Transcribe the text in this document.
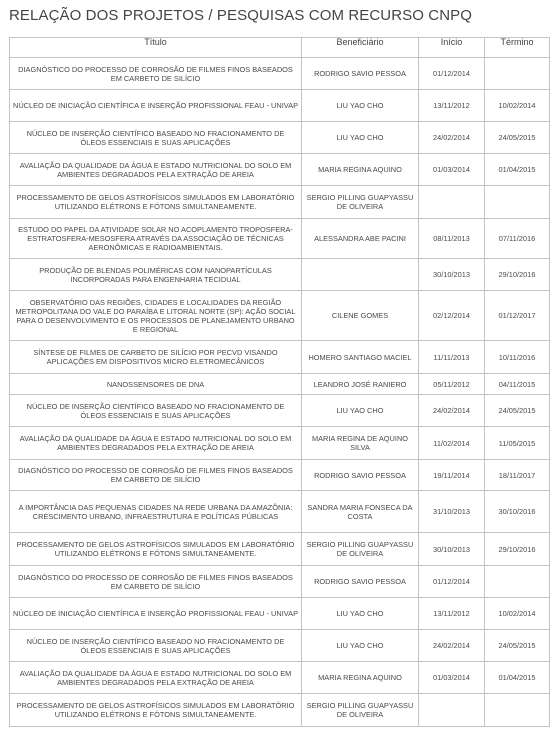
RELAÇÃO DOS PROJETOS / PESQUISAS COM RECURSO CNPQ
Título	Beneficiário	Início	Término
DIAGNÓSTICO DO PROCESSO DE CORROSÃO DE FILMES FINOS BASEADOS EM CARBETO DE SILÍCIO	RODRIGO SAVIO PESSOA	01/12/2014	
NÚCLEO DE INICIAÇÃO CIENTÍFICA E INSERÇÃO PROFISSIONAL FEAU - UNIVAP	LIU YAO CHO	13/11/2012	10/02/2014
NÚCLEO DE INSERÇÃO CIENTÍFICO BASEADO NO FRACIONAMENTO DE ÓLEOS ESSENCIAIS E SUAS APLICAÇÕES	LIU YAO CHO	24/02/2014	24/05/2015
AVALIAÇÃO DA QUALIDADE DA ÁGUA E ESTADO NUTRICIONAL DO SOLO EM AMBIENTES DEGRADADOS PELA EXTRAÇÃO DE AREIA	MARIA REGINA AQUINO	01/03/2014	01/04/2015
PROCESSAMENTO DE GELOS ASTROFÍSICOS SIMULADOS EM LABORATÓRIO UTILIZANDO ELÉTRONS E FÓTONS SIMULTANEAMENTE.	SERGIO PILLING GUAPYASSU DE OLIVEIRA		
ESTUDO DO PAPEL DA ATIVIDADE SOLAR NO ACOPLAMENTO TROPOSFERA-ESTRATOSFERA-MESOSFERA ATRAVÉS DA ASSOCIAÇÃO DE TÉCNICAS AERONÔMICAS E RADIOAMBIENTAIS.	ALESSANDRA ABE PACINI	08/11/2013	07/11/2016
PRODUÇÃO DE BLENDAS POLIMÉRICAS COM NANOPARTÍCULAS INCORPORADAS PARA ENGENHARIA TECIDUAL		30/10/2013	29/10/2016
OBSERVATÓRIO DAS REGIÕES, CIDADES E LOCALIDADES DA REGIÃO METROPOLITANA DO VALE DO PARAÍBA E LITORAL NORTE (SP): AÇÃO SOCIAL PARA O DESENVOLVIMENTO E OS PROCESSOS DE PLANEJAMENTO URBANO E REGIONAL	CILENE GOMES	02/12/2014	01/12/2017
SÍNTESE DE FILMES DE CARBETO DE SILÍCIO POR PECVD VISANDO APLICAÇÕES EM DISPOSITIVOS MICRO ELETROMECÂNICOS	HOMERO SANTIAGO MACIEL	11/11/2013	10/11/2016
NANOSSENSORES DE DNA	LEANDRO JOSÉ RANIERO	05/11/2012	04/11/2015
NÚCLEO DE INSERÇÃO CIENTÍFICO BASEADO NO FRACIONAMENTO DE ÓLEOS ESSENCIAIS E SUAS APLICAÇÕES	LIU YAO CHO	24/02/2014	24/05/2015
AVALIAÇÃO DA QUALIDADE DA ÁGUA E ESTADO NUTRICIONAL DO SOLO EM AMBIENTES DEGRADADOS PELA EXTRAÇÃO DE AREIA	MARIA REGINA DE AQUINO SILVA	11/02/2014	11/05/2015
DIAGNÓSTICO DO PROCESSO DE CORROSÃO DE FILMES FINOS BASEADOS EM CARBETO DE SILÍCIO	RODRIGO SAVIO PESSOA	19/11/2014	18/11/2017
A IMPORTÂNCIA DAS PEQUENAS CIDADES NA REDE URBANA DA AMAZÔNIA: CRESCIMENTO URBANO, INFRAESTRUTURA E POLÍTICAS PÚBLICAS	SANDRA MARIA FONSECA DA COSTA	31/10/2013	30/10/2016
PROCESSAMENTO DE GELOS ASTROFÍSICOS SIMULADOS EM LABORATÓRIO UTILIZANDO ELÉTRONS E FÓTONS SIMULTANEAMENTE.	SERGIO PILLING GUAPYASSU DE OLIVEIRA	30/10/2013	29/10/2016
DIAGNÓSTICO DO PROCESSO DE CORROSÃO DE FILMES FINOS BASEADOS EM CARBETO DE SILÍCIO	RODRIGO SAVIO PESSOA	01/12/2014	
NÚCLEO DE INICIAÇÃO CIENTÍFICA E INSERÇÃO PROFISSIONAL FEAU - UNIVAP	LIU YAO CHO	13/11/2012	10/02/2014
NÚCLEO DE INSERÇÃO CIENTÍFICO BASEADO NO FRACIONAMENTO DE ÓLEOS ESSENCIAIS E SUAS APLICAÇÕES	LIU YAO CHO	24/02/2014	24/05/2015
AVALIAÇÃO DA QUALIDADE DA ÁGUA E ESTADO NUTRICIONAL DO SOLO EM AMBIENTES DEGRADADOS PELA EXTRAÇÃO DE AREIA	MARIA REGINA AQUINO	01/03/2014	01/04/2015
PROCESSAMENTO DE GELOS ASTROFÍSICOS SIMULADOS EM LABORATÓRIO UTILIZANDO ELÉTRONS E FÓTONS SIMULTANEAMENTE.	SERGIO PILLING GUAPYASSU DE OLIVEIRA		
